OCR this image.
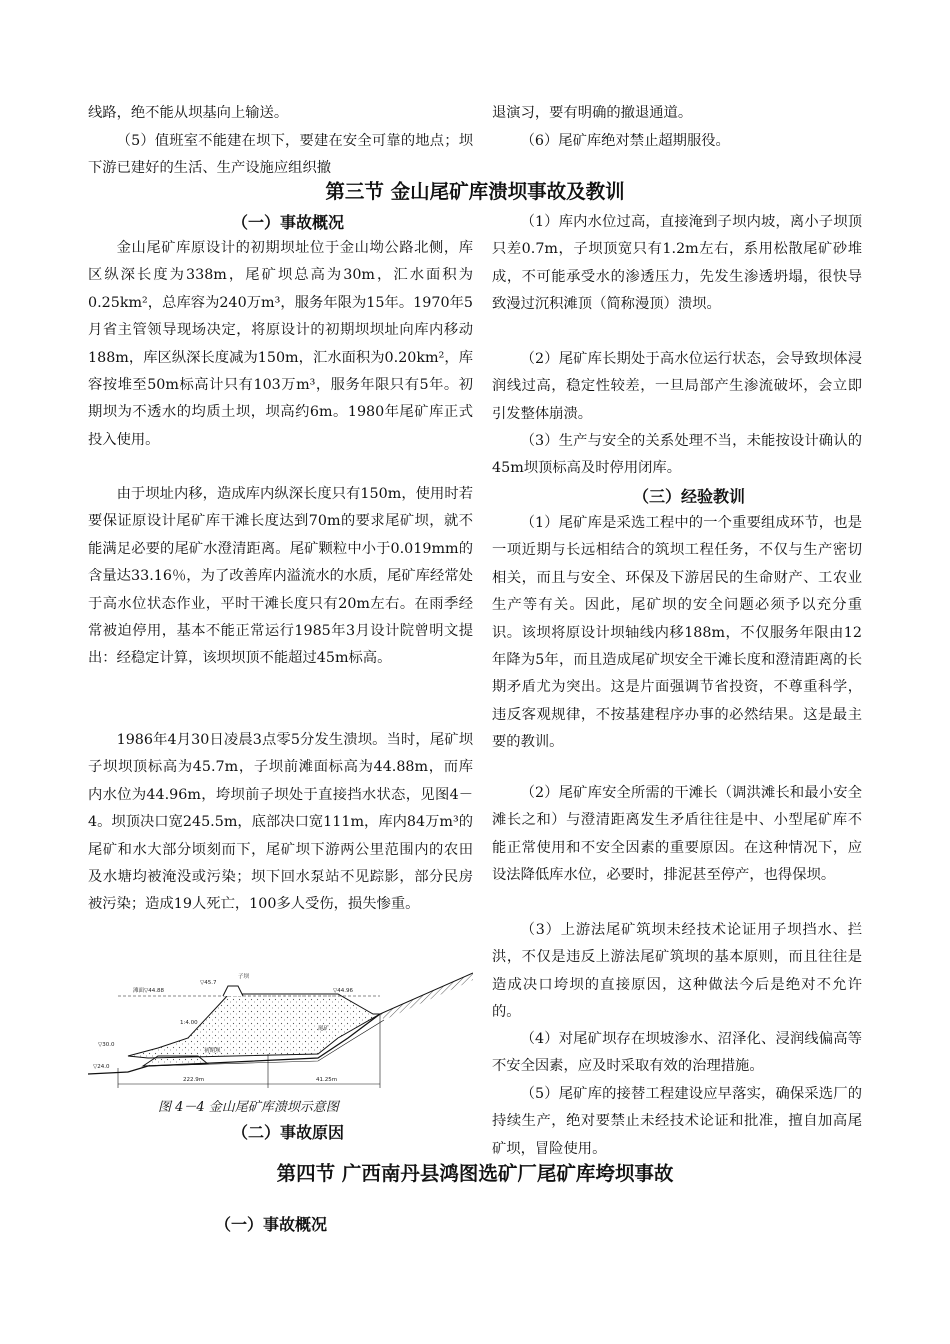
线路，绝不能从坝基向上输送。

（5）值班室不能建在坝下，要建在安全可靠的地点；坝下游已建好的生活、生产设施应组织撤

退演习，要有明确的撤退通道。

（6）尾矿库绝对禁止超期服役。

第三节 金山尾矿库溃坝事故及教训
（一）事故概况

金山尾矿库原设计的初期坝址位于金山坳公路北侧，库区纵深长度为338m，尾矿坝总高为30m，汇水面积为0.25km²，总库容为240万m³，服务年限为15年。1970年5月省主管领导现场决定，将原设计的初期坝坝址向库内移动188m，库区纵深长度减为150m，汇水面积为0.20km²，库容按堆至50m标高计只有103万m³，服务年限只有5年。初期坝为不透水的均质土坝，坝高约6m。1980年尾矿库正式投入使用。

由于坝址内移，造成库内纵深长度只有150m，使用时若要保证原设计尾矿库干滩长度达到70m的要求尾矿坝，就不能满足必要的尾矿水澄清距离。尾矿颗粒中小于0.019mm的含量达33.16％，为了改善库内溢流水的水质，尾矿库经常处于高水位状态作业，平时干滩长度只有20m左右。在雨季经常被迫停用，基本不能正常运行1985年3月设计院曾明文提出：经稳定计算，该坝坝顶不能超过45m标高。

1986年4月30日凌晨3点零5分发生溃坝。当时，尾矿坝子坝坝顶标高为45.7m，子坝前滩面标高为44.88m，而库内水位为44.96m，垮坝前子坝处于直接挡水状态，见图4－4。坝顶决口宽245.5m，底部决口宽111m，库内84万m³的尾矿和水大部分顷刻而下，尾矿坝下游两公里范围内的农田及水塘均被淹没或污染；坝下回水泵站不见踪影，部分民房被污染；造成19人死亡，100多人受伤，损失惨重。

子坝
▽45.7
滩面▽44.88	▽44.96
1:4.00
尾矿
▽30.0
▽24.0
初期坝
222.9m	41.25m
图 4－4 金山尾矿库溃坝示意图
（二）事故原因

（1）库内水位过高，直接淹到子坝内坡，离小子坝顶只差0.7m，子坝顶宽只有1.2m左右，系用松散尾矿砂堆成，不可能承受水的渗透压力，先发生渗透坍塌，很快导致漫过沉积滩顶（简称漫顶）溃坝。

（2）尾矿库长期处于高水位运行状态，会导致坝体浸润线过高，稳定性较差，一旦局部产生渗流破坏，会立即引发整体崩溃。

（3）生产与安全的关系处理不当，未能按设计确认的45m坝顶标高及时停用闭库。

（1）尾矿库是采选工程中的一个重要组成环节，也是一项近期与长远相结合的筑坝工程任务，不仅与生产密切相关，而且与安全、环保及下游居民的生命财产、工农业生产等有关。因此，尾矿坝的安全问题必须予以充分重识。该坝将原设计坝轴线内移188m，不仅服务年限由12年降为5年，而且造成尾矿坝安全干滩长度和澄清距离的长期矛盾尤为突出。这是片面强调节省投资，不尊重科学，违反客观规律，不按基建程序办事的必然结果。这是最主要的教训。

（2）尾矿库安全所需的干滩长（调洪滩长和最小安全滩长之和）与澄清距离发生矛盾往往是中、小型尾矿库不能正常使用和不安全因素的重要原因。在这种情况下，应设法降低库水位，必要时，排泥甚至停产，也得保坝。

（3）上游法尾矿筑坝未经技术论证用子坝挡水、拦洪，不仅是违反上游法尾矿筑坝的基本原则，而且往往是造成决口垮坝的直接原因，这种做法今后是绝对不允许的。

（4）对尾矿坝存在坝坡渗水、沼泽化、浸润线偏高等不安全因素，应及时采取有效的治理措施。

（5）尾矿库的接替工程建设应早落实，确保采选厂的持续生产，绝对要禁止未经技术论证和批准，擅自加高尾矿坝，冒险使用。

（三）经验教训
第四节 广西南丹县鸿图选矿厂尾矿库垮坝事故
（一）事故概况
